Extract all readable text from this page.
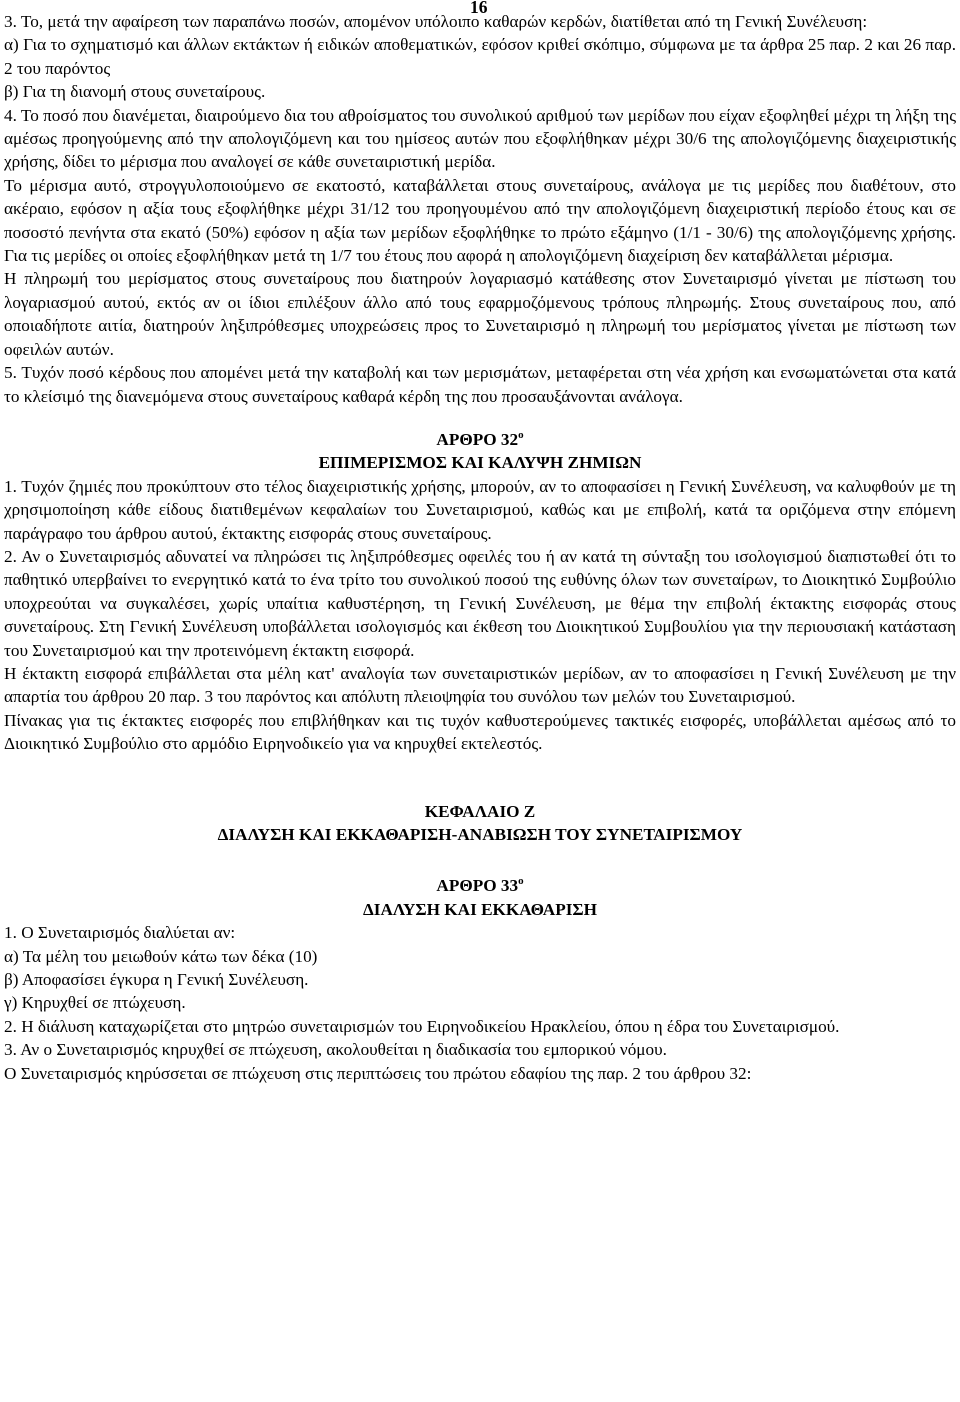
16

3. Το, μετά την αφαίρεση των παραπάνω ποσών, απομένον υπόλοιπο καθαρών κερδών, διατίθεται από τη Γενική Συνέλευση:

α) Για το σχηματισμό και άλλων εκτάκτων ή ειδικών αποθεματικών, εφόσον κριθεί σκόπιμο, σύμφωνα με τα άρθρα 25 παρ. 2 και 26 παρ. 2 του παρόντος

β) Για τη διανομή στους συνεταίρους.

4. Το ποσό που διανέμεται, διαιρούμενο δια του αθροίσματος του συνολικού αριθμού των μερίδων που είχαν εξοφληθεί μέχρι τη λήξη της αμέσως προηγούμενης από την απολογιζόμενη και του ημίσεος αυτών που εξοφλήθηκαν μέχρι 30/6 της απολογιζόμενης διαχειριστικής χρήσης, δίδει το μέρισμα που αναλογεί σε κάθε συνεταιριστική μερίδα.

Το μέρισμα αυτό, στρογγυλοποιούμενο σε εκατοστό, καταβάλλεται στους συνεταίρους, ανάλογα με τις μερίδες που διαθέτουν, στο ακέραιο, εφόσον η αξία τους εξοφλήθηκε μέχρι 31/12 του προηγουμένου από την απολογιζόμενη διαχειριστική περίοδο έτους και σε ποσοστό πενήντα στα εκατό (50%) εφόσον η αξία των μερίδων εξοφλήθηκε το πρώτο εξάμηνο (1/1 - 30/6) της απολογιζόμενης χρήσης. Για τις μερίδες οι οποίες εξοφλήθηκαν μετά τη 1/7 του έτους που αφορά η απολογιζόμενη διαχείριση δεν καταβάλλεται μέρισμα.

Η πληρωμή του μερίσματος στους συνεταίρους που διατηρούν λογαριασμό κατάθεσης στον Συνεταιρισμό γίνεται με πίστωση του λογαριασμού αυτού, εκτός αν οι ίδιοι επιλέξουν άλλο από τους εφαρμοζόμενους τρόπους πληρωμής. Στους συνεταίρους που, από οποιαδήποτε αιτία, διατηρούν ληξιπρόθεσμες υποχρεώσεις προς το Συνεταιρισμό η πληρωμή του μερίσματος γίνεται με πίστωση των οφειλών αυτών.

5. Τυχόν ποσό κέρδους που απομένει μετά την καταβολή και των μερισμάτων, μεταφέρεται στη νέα χρήση και ενσωματώνεται στα κατά το κλείσιμό της διανεμόμενα στους συνεταίρους καθαρά κέρδη της που προσαυξάνονται ανάλογα.

ΑΡΘΡΟ $32^o$

ΕΠΙΜΕΡΙΣΜΟΣ ΚΑΙ ΚΑΛΥΨΗ ΖΗΜΙΩΝ

1. Τυχόν ζημιές που προκύπτουν στο τέλος διαχειριστικής χρήσης, μπορούν, αν το αποφασίσει η Γενική Συνέλευση, να καλυφθούν με τη χρησιμοποίηση κάθε είδους διατιθεμένων κεφαλαίων του Συνεταιρισμού, καθώς και με επιβολή, κατά τα οριζόμενα στην επόμενη παράγραφο του άρθρου αυτού, έκτακτης εισφοράς στους συνεταίρους.

2. Αν ο Συνεταιρισμός αδυνατεί να πληρώσει τις ληξιπρόθεσμες οφειλές του ή αν κατά τη σύνταξη του ισολογισμού διαπιστωθεί ότι το παθητικό υπερβαίνει το ενεργητικό κατά το ένα τρίτο του συνολικού ποσού της ευθύνης όλων των συνεταίρων, το Διοικητικό Συμβούλιο υποχρεούται να συγκαλέσει, χωρίς υπαίτια καθυστέρηση, τη Γενική Συνέλευση, με θέμα την επιβολή έκτακτης εισφοράς στους συνεταίρους. Στη Γενική Συνέλευση υποβάλλεται ισολογισμός και έκθεση του Διοικητικού Συμβουλίου για την περιουσιακή κατάσταση του Συνεταιρισμού και την προτεινόμενη έκτακτη εισφορά.

Η έκτακτη εισφορά επιβάλλεται στα μέλη κατ' αναλογία των συνεταιριστικών μερίδων, αν το αποφασίσει η Γενική Συνέλευση με την απαρτία του άρθρου 20 παρ. 3 του παρόντος και απόλυτη πλειοψηφία του συνόλου των μελών του Συνεταιρισμού.

Πίνακας για τις έκτακτες εισφορές που επιβλήθηκαν και τις τυχόν καθυστερούμενες τακτικές εισφορές, υποβάλλεται αμέσως από το Διοικητικό Συμβούλιο στο αρμόδιο Ειρηνοδικείο για να κηρυχθεί εκτελεστός.

ΚΕΦΑΛΑΙΟ Ζ

ΔΙΑΛΥΣΗ ΚΑΙ ΕΚΚΑΘΑΡΙΣΗ-ΑΝΑΒΙΩΣΗ ΤΟΥ ΣΥΝΕΤΑΙΡΙΣΜΟΥ

ΑΡΘΡΟ $33^o$

ΔΙΑΛΥΣΗ ΚΑΙ ΕΚΚΑΘΑΡΙΣΗ

1. Ο Συνεταιρισμός διαλύεται αν:

α) Τα μέλη του μειωθούν κάτω των δέκα (10)

β) Αποφασίσει έγκυρα η Γενική Συνέλευση.

γ) Κηρυχθεί σε πτώχευση.

2. Η διάλυση καταχωρίζεται στο μητρώο συνεταιρισμών του Ειρηνοδικείου Ηρακλείου, όπου η έδρα του Συνεταιρισμού.

3. Αν ο Συνεταιρισμός κηρυχθεί σε πτώχευση, ακολουθείται η διαδικασία του εμπορικού νόμου.

Ο Συνεταιρισμός κηρύσσεται σε πτώχευση στις περιπτώσεις του πρώτου εδαφίου της παρ. 2 του άρθρου 32:
